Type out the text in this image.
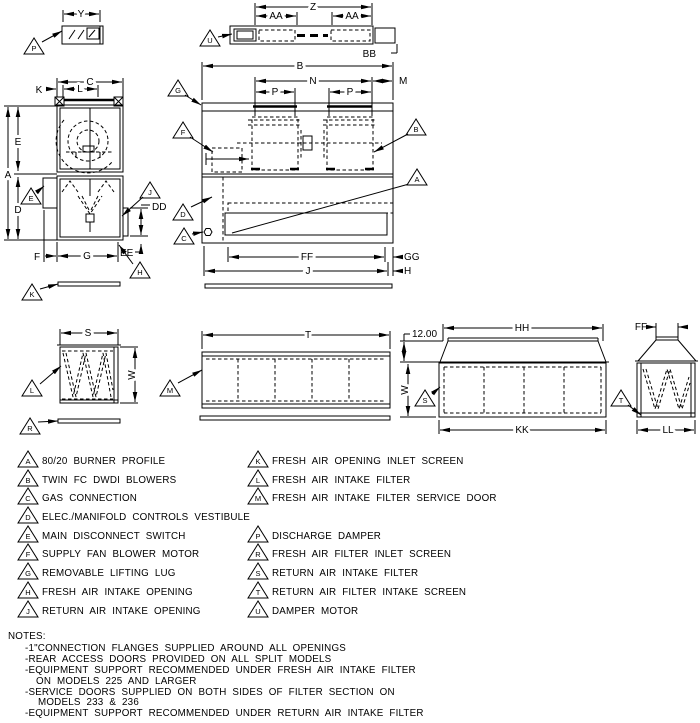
Y
P
Z
AA	AA
BB
U
B
N	M
P	P
G
F	B
A
D
C
FF	GG
J	H
C
K	L
E
A
D	DD
EE
F	G
E
J
H
K
S
W
L
R
T
M
HH
12.00
W
KK
S
FF
LL
T
A 80/20 BURNER PROFILE
B TWIN FC DWDI BLOWERS
C GAS CONNECTION
D ELEC./MANIFOLD CONTROLS VESTIBULE
E MAIN DISCONNECT SWITCH
F SUPPLY FAN BLOWER MOTOR
G REMOVABLE LIFTING LUG
H FRESH AIR INTAKE OPENING
J RETURN AIR INTAKE OPENING
K FRESH AIR OPENING INLET SCREEN
L FRESH AIR INTAKE FILTER
M FRESH AIR INTAKE FILTER SERVICE DOOR
P DISCHARGE DAMPER
R FRESH AIR FILTER INLET SCREEN
S RETURN AIR INTAKE FILTER
T RETURN AIR FILTER INTAKE SCREEN
U DAMPER MOTOR
NOTES:
-1"CONNECTION FLANGES SUPPLIED AROUND ALL OPENINGS
-REAR ACCESS DOORS PROVIDED ON ALL SPLIT MODELS
-EQUIPMENT SUPPORT RECOMMENDED UNDER FRESH AIR INTAKE FILTER
ON MODELS 225 AND LARGER
-SERVICE DOORS SUPPLIED ON BOTH SIDES OF FILTER SECTION ON
MODELS 233 & 236
-EQUIPMENT SUPPORT RECOMMENDED UNDER RETURN AIR INTAKE FILTER
